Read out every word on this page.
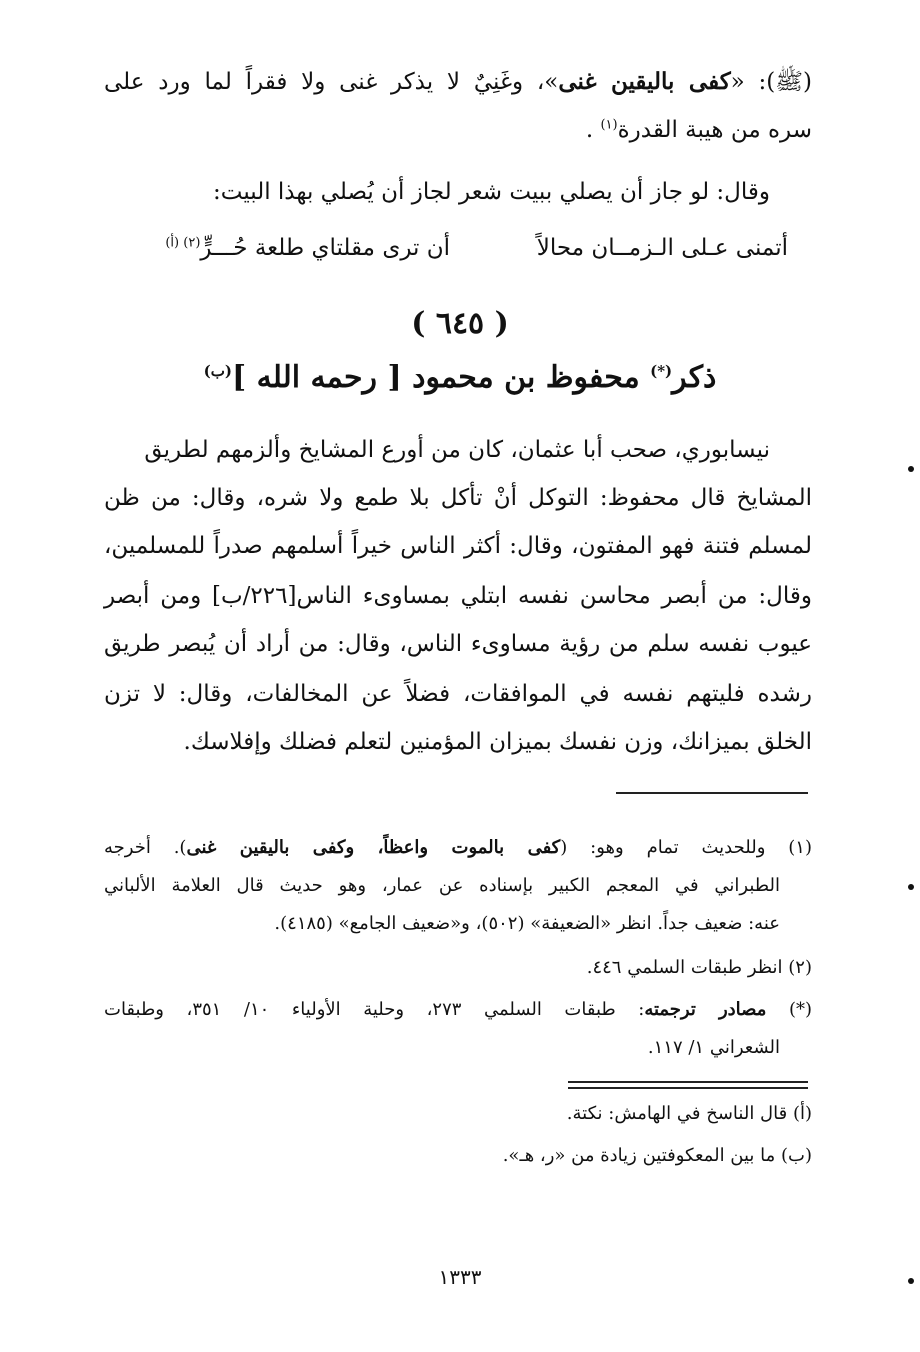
(ﷺ): «كفى باليقين غنى»، وغَنِيٌ لا يذكر غنى ولا فقراً لما ورد على
سره من هيبة القدرة$^{(١)}$ .
وقال: لو جاز أن يصلي ببيت شعر لجاز أن يُصلي بهذا البيت:
أتمنى عـلى الـزمــان محالاً
أن ترى مقلتاي طلعة حُـــرٍّ$^{(٢) (أ)}$
( ٦٤٥ )
ذكر(*) محفوظ بن محمود [ رحمه الله ]$^{(ب)}$
نيسابوري، صحب أبا عثمان، كان من أورع المشايخ وألزمهم لطريق
المشايخ قال محفوظ: التوكل أنْ تأكل بلا طمع ولا شره، وقال: من ظن
لمسلم فتنة فهو المفتون، وقال: أكثر الناس خيراً أسلمهم صدراً للمسلمين،
وقال: من أبصر محاسن نفسه ابتلي بمساوىء الناس[٢٢٦/ب] ومن أبصر
عيوب نفسه سلم من رؤية مساوىء الناس، وقال: من أراد أن يُبصر طريق
رشده فليتهم نفسه في الموافقات، فضلاً عن المخالفات، وقال: لا تزن
الخلق بميزانك، وزن نفسك بميزان المؤمنين لتعلم فضلك وإفلاسك.
(١) وللحديث تمام وهو: (كفى بالموت واعظاً، وكفى باليقين غنى). أخرجه
الطبراني في المعجم الكبير بإسناده عن عمار، وهو حديث قال العلامة الألباني
عنه: ضعيف جداً. انظر «الضعيفة» (٥٠٢)، و«ضعيف الجامع» (٤١٨٥).
(٢) انظر طبقات السلمي ٤٤٦.
(*) مصادر ترجمته: طبقات السلمي ٢٧٣، وحلية الأولياء ١٠/ ٣٥١، وطبقات
الشعراني ١/ ١١٧.
(أ) قال الناسخ في الهامش: نكتة.
(ب) ما بين المعكوفتين زيادة من «ر، هـ».
١٣٣٣
